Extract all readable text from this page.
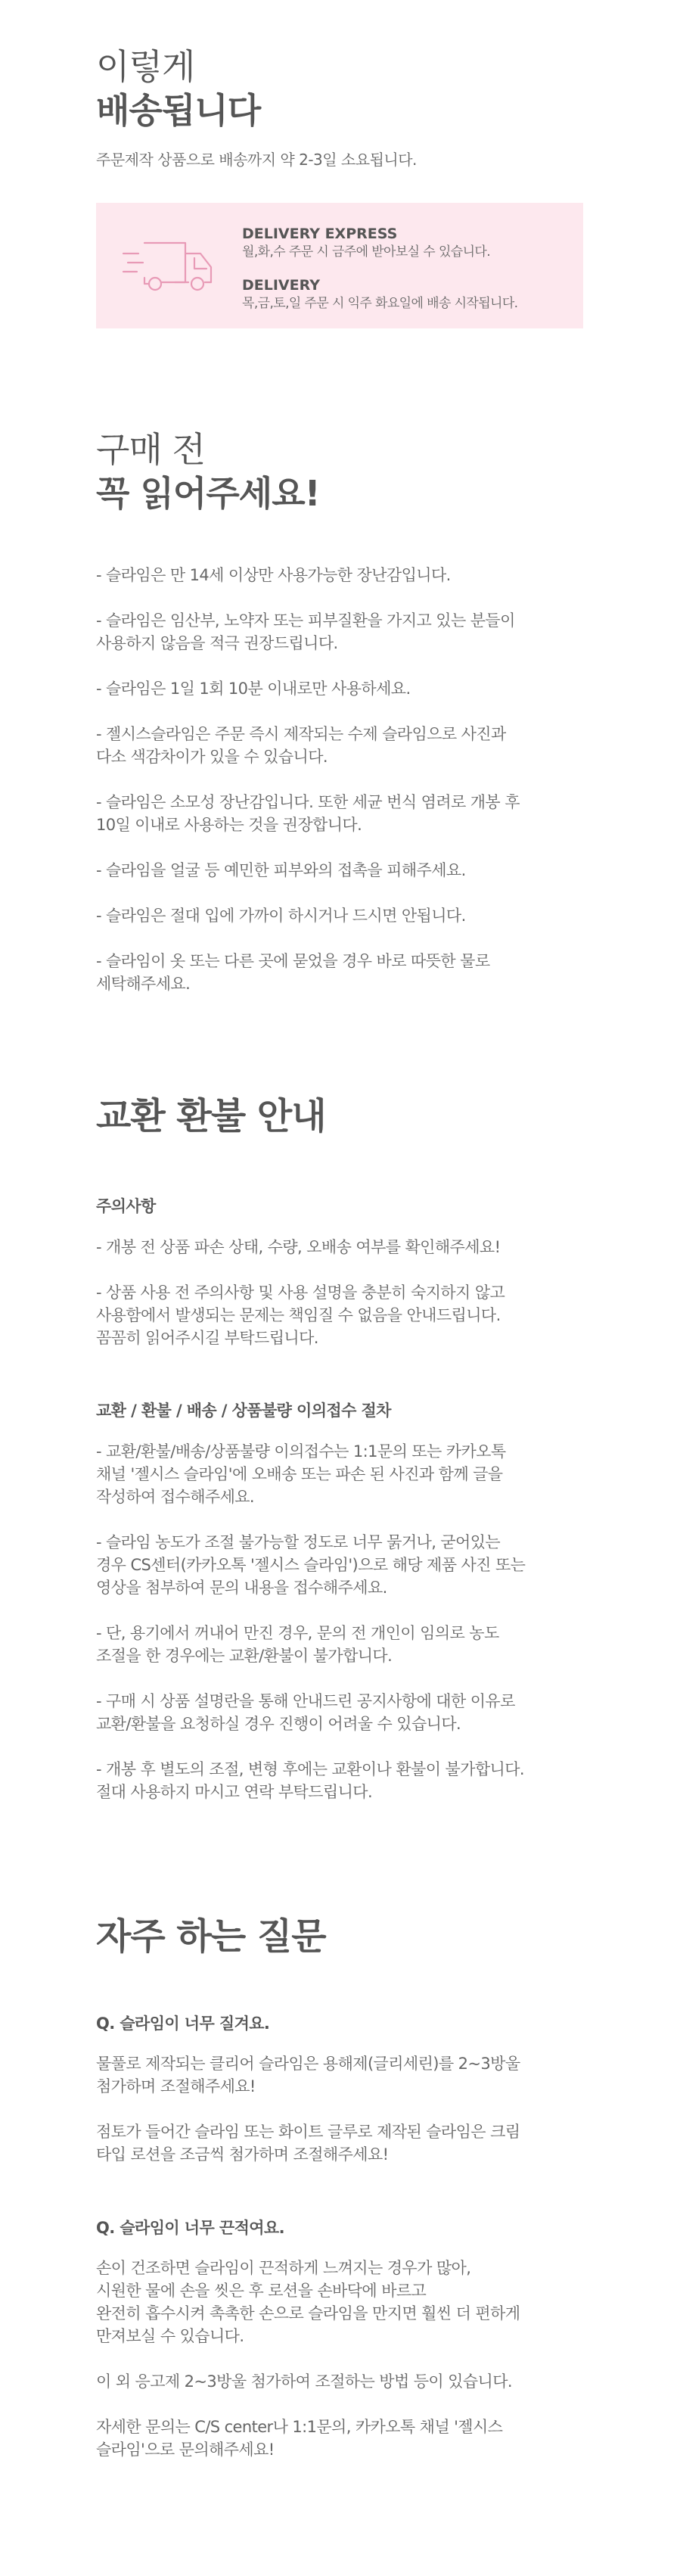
이렇게
배송됩니다
주문제작 상품으로 배송까지 약 2-3일 소요됩니다.
DELIVERY EXPRESS
월,화,수 주문 시 금주에 받아보실 수 있습니다.
DELIVERY
목,금,토,일 주문 시 익주 화요일에 배송 시작됩니다.
구매 전
꼭 읽어주세요!

- 슬라임은 만 14세 이상만 사용가능한 장난감입니다.

- 슬라임은 임산부, 노약자 또는 피부질환을 가지고 있는 분들이

사용하지 않음을 적극 권장드립니다.

- 슬라임은 1일 1회 10분 이내로만 사용하세요.

- 젤시스슬라임은 주문 즉시 제작되는 수제 슬라임으로 사진과

다소 색감차이가 있을 수 있습니다.

- 슬라임은 소모성 장난감입니다. 또한 세균 번식 염려로 개봉 후

10일 이내로 사용하는 것을 권장합니다.

- 슬라임을 얼굴 등 예민한 피부와의 접촉을 피해주세요.

- 슬라임은 절대 입에 가까이 하시거나 드시면 안됩니다.

- 슬라임이 옷 또는 다른 곳에 묻었을 경우 바로 따뜻한 물로

세탁해주세요.

교환 환불 안내
주의사항

- 개봉 전 상품 파손 상태, 수량, 오배송 여부를 확인해주세요!

- 상품 사용 전 주의사항 및 사용 설명을 충분히 숙지하지 않고

사용함에서 발생되는 문제는 책임질 수 없음을 안내드립니다.

꼼꼼히 읽어주시길 부탁드립니다.

교환 / 환불 / 배송 / 상품불량 이의접수 절차

- 교환/환불/배송/상품불량 이의접수는 1:1문의 또는 카카오톡

채널 '젤시스 슬라임'에 오배송 또는 파손 된 사진과 함께 글을

작성하여 접수해주세요.

- 슬라임 농도가 조절 불가능할 정도로 너무 묽거나, 굳어있는

경우 CS센터(카카오톡 '젤시스 슬라임')으로 해당 제품 사진 또는

영상을 첨부하여 문의 내용을 접수해주세요.

- 단, 용기에서 꺼내어 만진 경우, 문의 전 개인이 임의로 농도

조절을 한 경우에는 교환/환불이 불가합니다.

- 구매 시 상품 설명란을 통해 안내드린 공지사항에 대한 이유로

교환/환불을 요청하실 경우 진행이 어려울 수 있습니다.

- 개봉 후 별도의 조절, 변형 후에는 교환이나 환불이 불가합니다.

절대 사용하지 마시고 연락 부탁드립니다.

자주 하는 질문
Q. 슬라임이 너무 질겨요.

물풀로 제작되는 클리어 슬라임은 용해제(글리세린)를 2~3방울

첨가하며 조절해주세요!

점토가 들어간 슬라임 또는 화이트 글루로 제작된 슬라임은 크림

타입 로션을 조금씩 첨가하며 조절해주세요!

Q. 슬라임이 너무 끈적여요.

손이 건조하면 슬라임이 끈적하게 느껴지는 경우가 많아,

시원한 물에 손을 씻은 후 로션을 손바닥에 바르고

완전히 흡수시켜 촉촉한 손으로 슬라임을 만지면 훨씬 더 편하게

만져보실 수 있습니다.

이 외 응고제 2~3방울 첨가하여 조절하는 방법 등이 있습니다.

자세한 문의는 C/S center나 1:1문의, 카카오톡 채널 '젤시스

슬라임'으로 문의해주세요!
